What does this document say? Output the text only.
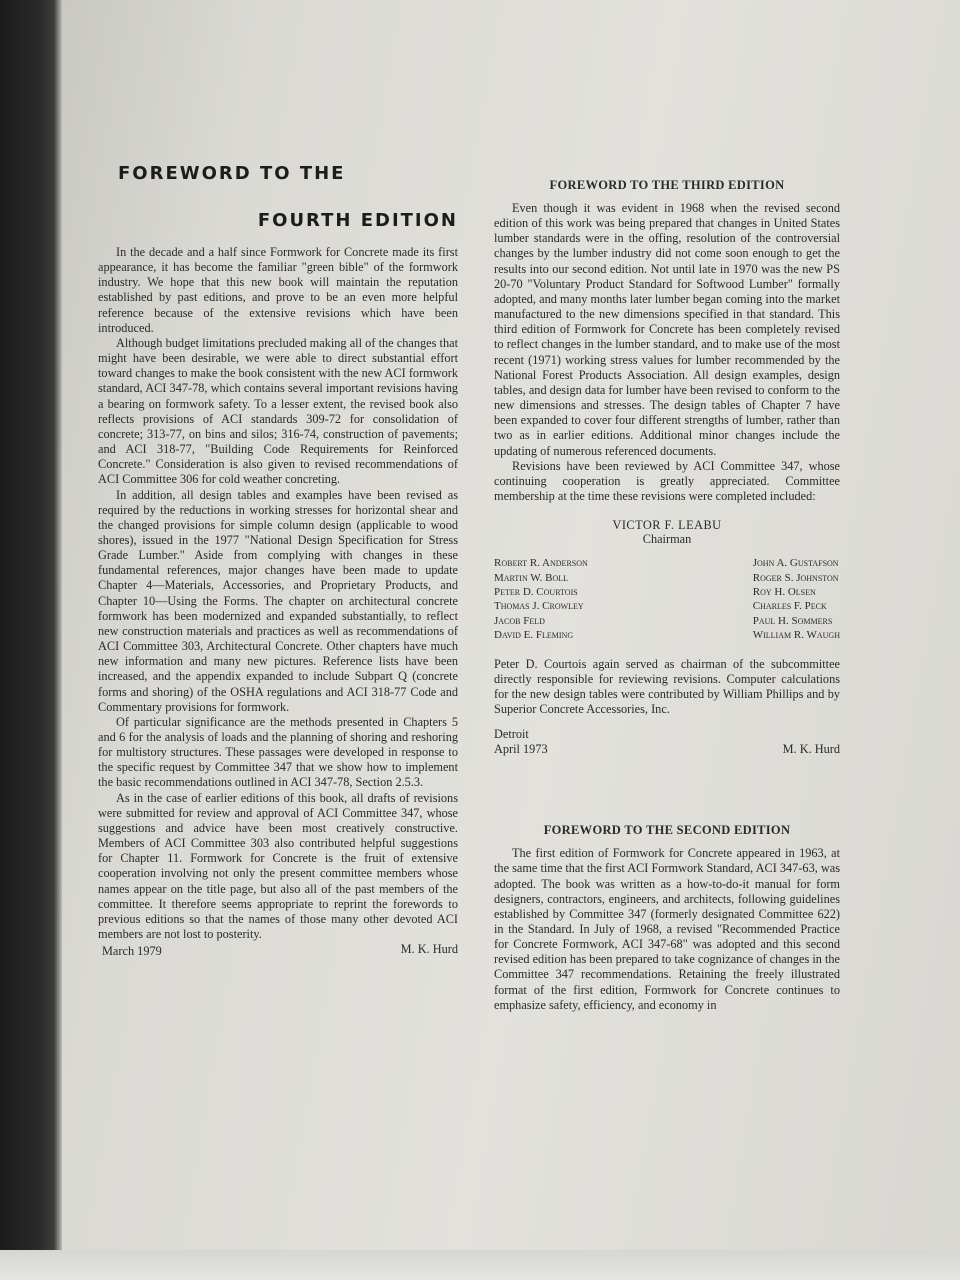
FOREWORD TO THE
FOURTH EDITION

In the decade and a half since Formwork for Concrete made its first appearance, it has become the familiar "green bible" of the formwork industry. We hope that this new book will maintain the reputation established by past editions, and prove to be an even more helpful reference because of the extensive revisions which have been introduced.

Although budget limitations precluded making all of the changes that might have been desirable, we were able to direct substantial effort toward changes to make the book consistent with the new ACI formwork standard, ACI 347-78, which contains several important revisions having a bearing on formwork safety. To a lesser extent, the revised book also reflects provisions of ACI standards 309-72 for consolidation of concrete; 313-77, on bins and silos; 316-74, construction of pavements; and ACI 318-77, "Building Code Requirements for Reinforced Concrete." Consideration is also given to revised recommendations of ACI Committee 306 for cold weather concreting.

In addition, all design tables and examples have been revised as required by the reductions in working stresses for horizontal shear and the changed provisions for simple column design (applicable to wood shores), issued in the 1977 "National Design Specification for Stress Grade Lumber." Aside from complying with changes in these fundamental references, major changes have been made to update Chapter 4—Materials, Accessories, and Proprietary Products, and Chapter 10—Using the Forms. The chapter on architectural concrete formwork has been modernized and expanded substantially, to reflect new construction materials and practices as well as recommendations of ACI Committee 303, Architectural Concrete. Other chapters have much new information and many new pictures. Reference lists have been increased, and the appendix expanded to include Subpart Q (concrete forms and shoring) of the OSHA regulations and ACI 318-77 Code and Commentary provisions for formwork.

Of particular significance are the methods presented in Chapters 5 and 6 for the analysis of loads and the planning of shoring and reshoring for multistory structures. These passages were developed in response to the specific request by Committee 347 that we show how to implement the basic recommendations outlined in ACI 347-78, Section 2.5.3.

As in the case of earlier editions of this book, all drafts of revisions were submitted for review and approval of ACI Committee 347, whose suggestions and advice have been most creatively constructive. Members of ACI Committee 303 also contributed helpful suggestions for Chapter 11. Formwork for Concrete is the fruit of extensive cooperation involving not only the present committee members whose names appear on the title page, but also all of the past members of the committee. It therefore seems appropriate to reprint the forewords to previous editions so that the names of those many other devoted ACI members are not lost to posterity.

March 1979	M. K. Hurd
FOREWORD TO THE THIRD EDITION

Even though it was evident in 1968 when the revised second edition of this work was being prepared that changes in United States lumber standards were in the offing, resolution of the controversial changes by the lumber industry did not come soon enough to get the results into our second edition. Not until late in 1970 was the new PS 20-70 "Voluntary Product Standard for Softwood Lumber" formally adopted, and many months later lumber began coming into the market manufactured to the new dimensions specified in that standard. This third edition of Formwork for Concrete has been completely revised to reflect changes in the lumber standard, and to make use of the most recent (1971) working stress values for lumber recommended by the National Forest Products Association. All design examples, design tables, and design data for lumber have been revised to conform to the new dimensions and stresses. The design tables of Chapter 7 have been expanded to cover four different strengths of lumber, rather than two as in earlier editions. Additional minor changes include the updating of numerous referenced documents.

Revisions have been reviewed by ACI Committee 347, whose continuing cooperation is greatly appreciated. Committee membership at the time these revisions were completed included:

VICTOR F. LEABU
Chairman
Robert R. Anderson
Martin W. Boll
Peter D. Courtois
Thomas J. Crowley
Jacob Feld
David E. Fleming
John A. Gustafson
Roger S. Johnston
Roy H. Olsen
Charles F. Peck
Paul H. Sommers
William R. Waugh

Peter D. Courtois again served as chairman of the subcommittee directly responsible for reviewing revisions. Computer calculations for the new design tables were contributed by William Phillips and by Superior Concrete Accessories, Inc.

Detroit
April 1973	M. K. Hurd
FOREWORD TO THE SECOND EDITION

The first edition of Formwork for Concrete appeared in 1963, at the same time that the first ACI Formwork Standard, ACI 347-63, was adopted. The book was written as a how-to-do-it manual for form designers, contractors, engineers, and architects, following guidelines established by Committee 347 (formerly designated Committee 622) in the Standard. In July of 1968, a revised "Recommended Practice for Concrete Formwork, ACI 347-68" was adopted and this second revised edition has been prepared to take cognizance of changes in the Committee 347 recommendations. Retaining the freely illustrated format of the first edition, Formwork for Concrete continues to emphasize safety, efficiency, and economy in
